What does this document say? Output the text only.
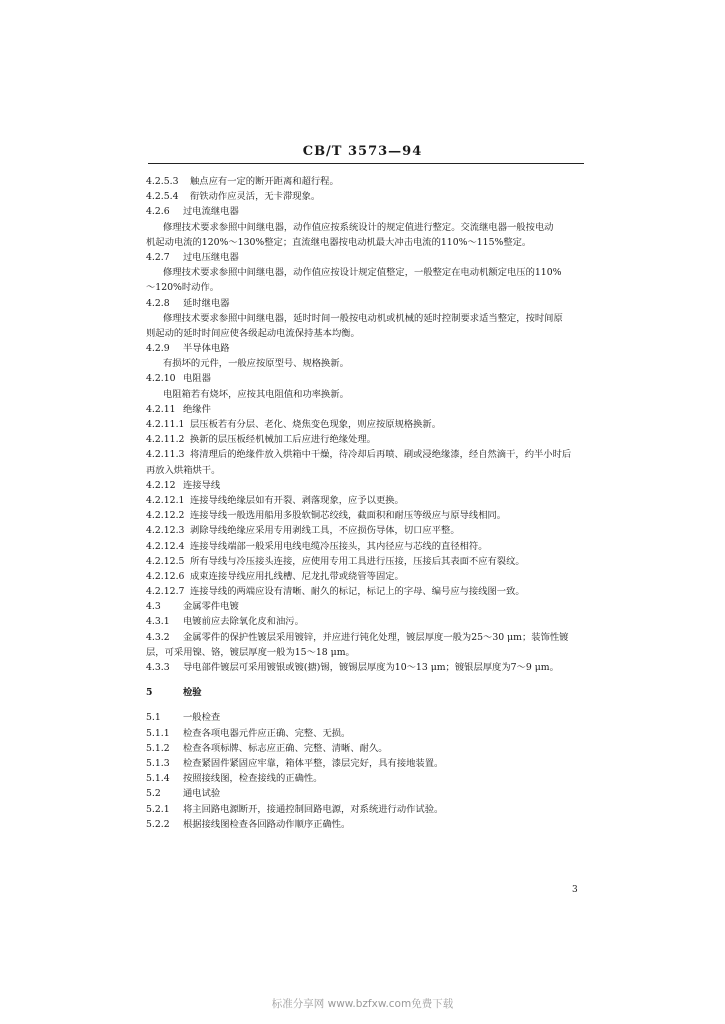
CB/T 3573—94
4.2.5.3 触点应有一定的断开距离和超行程。
4.2.5.4 衔铁动作应灵活，无卡滞现象。
4.2.6 过电流继电器
修理技术要求参照中间继电器，动作值应按系统设计的规定值进行整定。交流继电器一般按电动
机起动电流的120%～130%整定；直流继电器按电动机最大冲击电流的110%～115%整定。
4.2.7 过电压继电器
修理技术要求参照中间继电器，动作值应按设计规定值整定，一般整定在电动机额定电压的110%
～120%时动作。
4.2.8 延时继电器
修理技术要求参照中间继电器，延时时间一般按电动机或机械的延时控制要求适当整定，按时间原
则起动的延时时间应使各级起动电流保持基本均衡。
4.2.9 半导体电路
有损坏的元件，一般应按原型号、规格换新。
4.2.10 电阻器
电阻箱若有烧坏，应按其电阻值和功率换新。
4.2.11 绝缘件
4.2.11.1 层压板若有分层、老化、烧焦变色现象，则应按原规格换新。
4.2.11.2 换新的层压板经机械加工后应进行绝缘处理。
4.2.11.3 将清理后的绝缘件放入烘箱中干燥，待冷却后再喷、刷或浸绝缘漆，经自然滴干，约半小时后
再放入烘箱烘干。
4.2.12 连接导线
4.2.12.1 连接导线绝缘层如有开裂、剥落现象，应予以更换。
4.2.12.2 连接导线一般选用船用多股软铜芯绞线，截面积和耐压等级应与原导线相同。
4.2.12.3 剥除导线绝缘应采用专用剥线工具，不应损伤导体，切口应平整。
4.2.12.4 连接导线端部一般采用电线电缆冷压接头，其内径应与芯线的直径相符。
4.2.12.5 所有导线与冷压接头连接，应使用专用工具进行压接，压接后其表面不应有裂纹。
4.2.12.6 成束连接导线应用扎线槽、尼龙扎带或绕管等固定。
4.2.12.7 连接导线的两端应设有清晰、耐久的标记，标记上的字母、编号应与接线图一致。
4.3 金属零件电镀
4.3.1 电镀前应去除氧化皮和油污。
4.3.2 金属零件的保护性镀层采用镀锌，并应进行钝化处理，镀层厚度一般为25～30 μm；装饰性镀
层，可采用镍、铬，镀层厚度一般为15～18 μm。
4.3.3 导电部件镀层可采用镀银或镀(搪)锡，镀锡层厚度为10～13 μm；镀银层厚度为7～9 μm。
5	检验
5.1 一般检查
5.1.1 检查各项电器元件应正确、完整、无损。
5.1.2 检查各项标牌、标志应正确、完整、清晰、耐久。
5.1.3 检查紧固件紧固应牢靠，箱体平整，漆层完好，具有接地装置。
5.1.4 按照接线图，检查接线的正确性。
5.2 通电试验
5.2.1 将主回路电源断开，接通控制回路电源，对系统进行动作试验。
5.2.2 根据接线图检查各回路动作顺序正确性。
3
标准分享网 www.bzfxw.com免费下载
